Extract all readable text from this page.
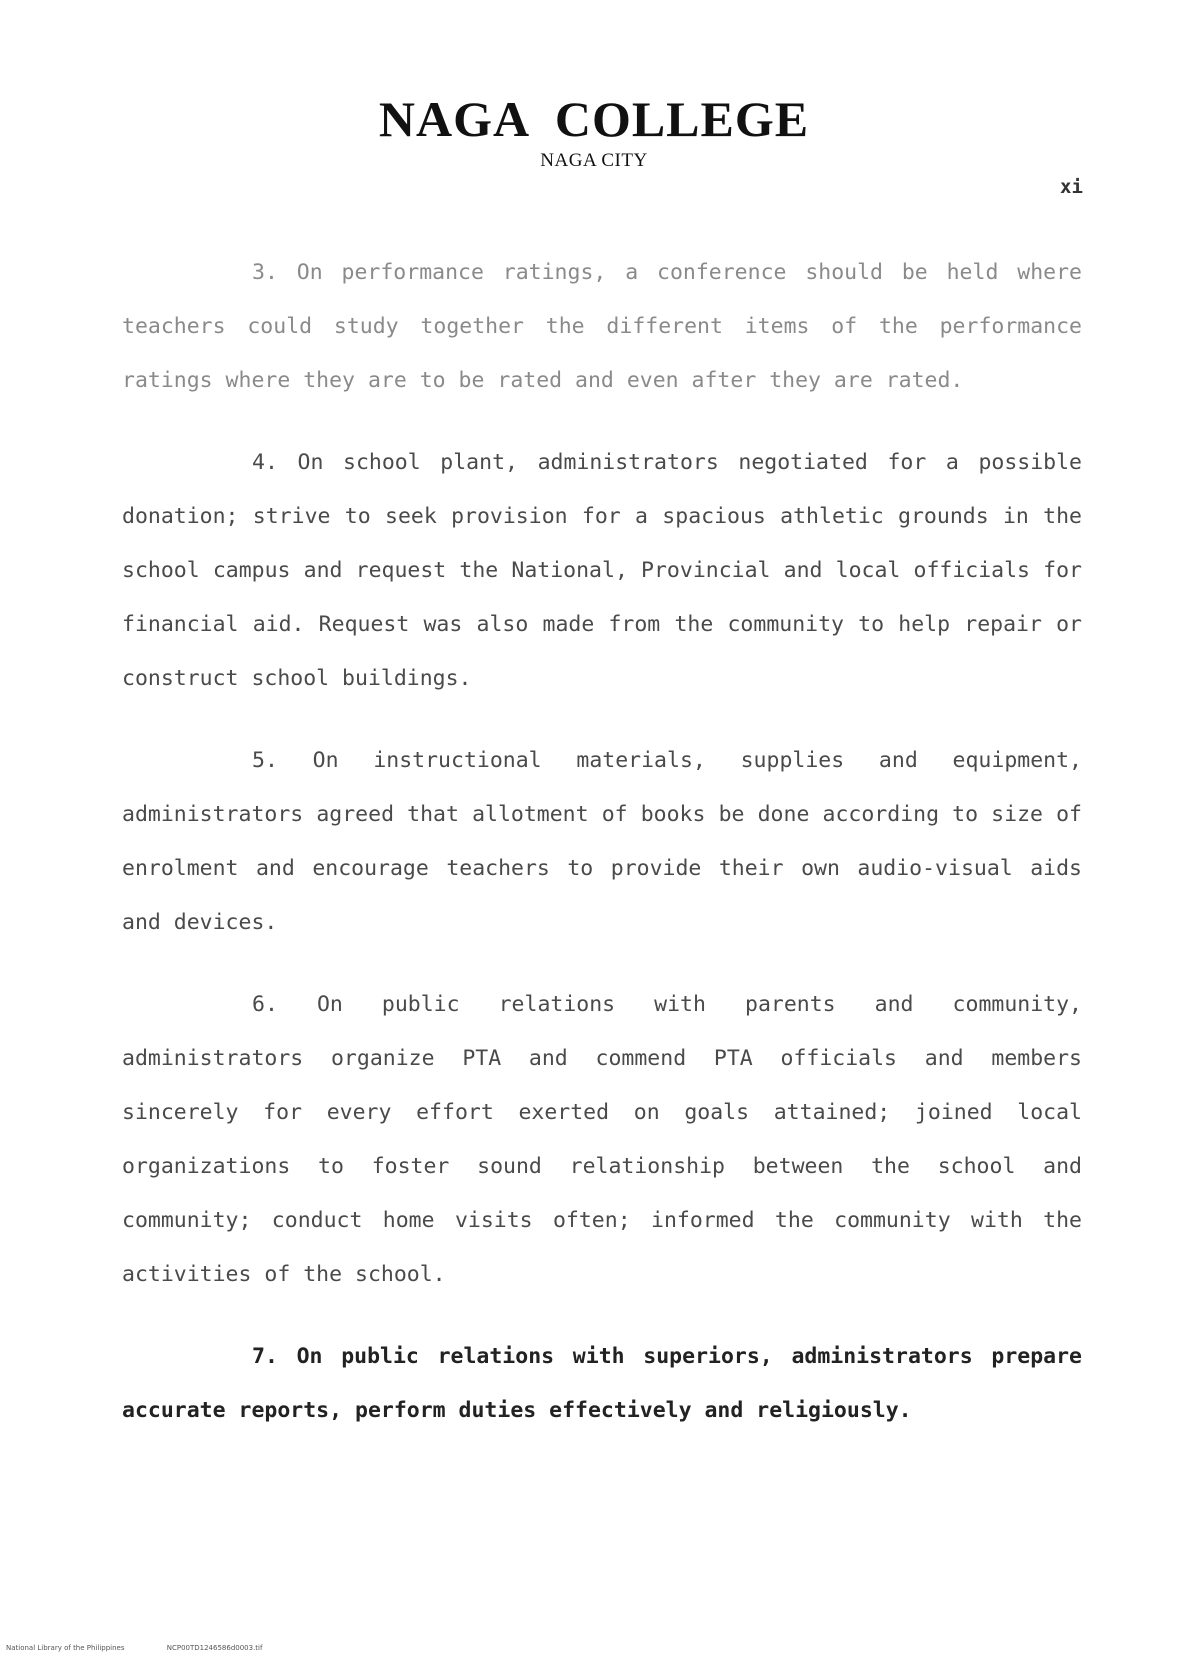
NAGA COLLEGE
NAGA CITY
xi

3. On performance ratings, a conference should be held where teachers could study together the different items of the performance ratings where they are to be rated and even after they are rated.

4. On school plant, administrators negotiated for a possible donation; strive to seek provision for a spacious athletic grounds in the school campus and request the National, Provincial and local officials for financial aid. Request was also made from the community to help repair or construct school buildings.

5. On instructional materials, supplies and equipment, administrators agreed that allotment of books be done according to size of enrolment and encourage teachers to provide their own audio-visual aids and devices.

6. On public relations with parents and community, administrators organize PTA and commend PTA officials and members sincerely for every effort exerted on goals attained; joined local organizations to foster sound relationship between the school and community; conduct home visits often; informed the community with the activities of the school.

7. On public relations with superiors, administrators prepare accurate reports, perform duties effectively and religiously.

National Library of the Philippines	NCP00TD1246586d0003.tif
